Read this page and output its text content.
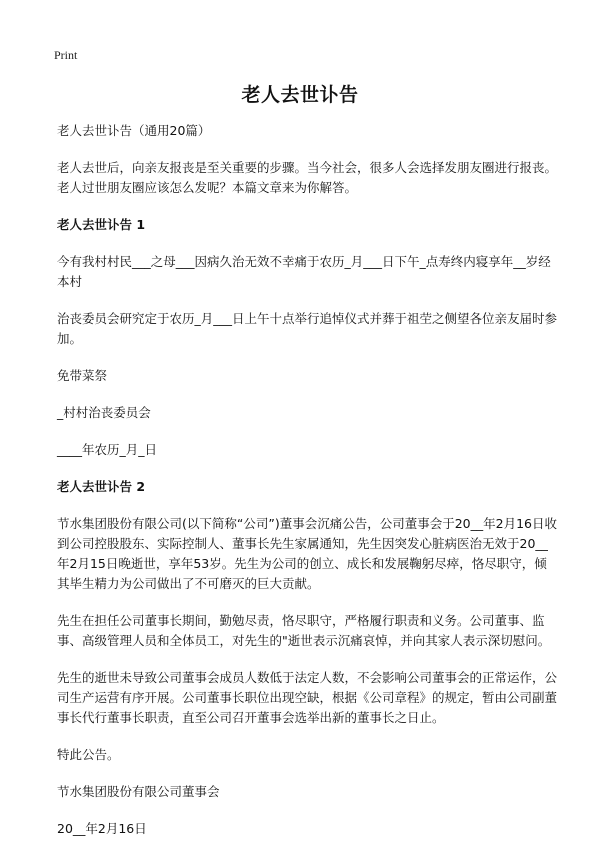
Print
老人去世讣告

老人去世讣告（通用20篇）

老人去世后，向亲友报丧是至关重要的步骤。当今社会，很多人会选择发朋友圈进行报丧。老人过世朋友圈应该怎么发呢？本篇文章来为你解答。

老人去世讣告 1

今有我村村民___之母___因病久治无效不幸痛于农历_月___日下午_点寿终内寝享年__岁经本村

治丧委员会研究定于农历_月___日上午十点举行追悼仪式并葬于祖茔之侧望各位亲友届时参加。

免带菜祭

_村村治丧委员会

____年农历_月_日

老人去世讣告 2

节水集团股份有限公司(以下简称“公司”)董事会沉痛公告，公司董事会于20__年2月16日收到公司控股股东、实际控制人、董事长先生家属通知，先生因突发心脏病医治无效于20__年2月15日晚逝世，享年53岁。先生为公司的创立、成长和发展鞠躬尽瘁，恪尽职守，倾其毕生精力为公司做出了不可磨灭的巨大贡献。

先生在担任公司董事长期间，勤勉尽责，恪尽职守，严格履行职责和义务。公司董事、监事、高级管理人员和全体员工，对先生的"逝世表示沉痛哀悼，并向其家人表示深切慰问。

先生的逝世未导致公司董事会成员人数低于法定人数，不会影响公司董事会的正常运作，公司生产运营有序开展。公司董事长职位出现空缺，根据《公司章程》的规定，暂由公司副董事长代行董事长职责，直至公司召开董事会选举出新的董事长之日止。

特此公告。

节水集团股份有限公司董事会

20__年2月16日
